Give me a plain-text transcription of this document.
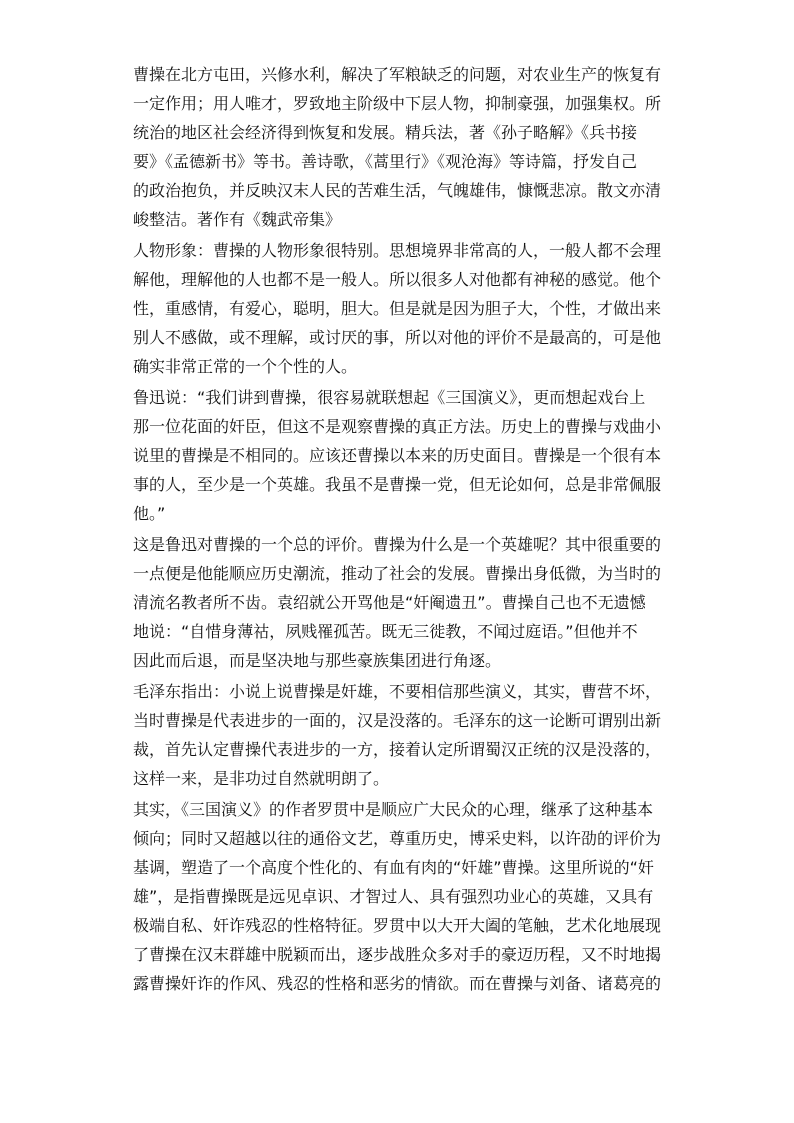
曹操在北方屯田，兴修水利，解决了军粮缺乏的问题，对农业生产的恢复有
一定作用；用人唯才，罗致地主阶级中下层人物，抑制豪强，加强集权。所
统治的地区社会经济得到恢复和发展。精兵法，著《孙子略解》《兵书接
要》《孟德新书》等书。善诗歌，《蒿里行》《观沧海》等诗篇，抒发自己
的政治抱负，并反映汉末人民的苦难生活，气魄雄伟，慷慨悲凉。散文亦清
峻整洁。著作有《魏武帝集》
人物形象：曹操的人物形象很特别。思想境界非常高的人，一般人都不会理
解他，理解他的人也都不是一般人。所以很多人对他都有神秘的感觉。他个
性，重感情，有爱心，聪明，胆大。但是就是因为胆子大，个性，才做出来
别人不感做，或不理解，或讨厌的事，所以对他的评价不是最高的，可是他
确实非常正常的一个个性的人。
鲁迅说：“我们讲到曹操，很容易就联想起《三国演义》，更而想起戏台上
那一位花面的奸臣，但这不是观察曹操的真正方法。历史上的曹操与戏曲小
说里的曹操是不相同的。应该还曹操以本来的历史面目。曹操是一个很有本
事的人，至少是一个英雄。我虽不是曹操一党，但无论如何，总是非常佩服
他。”
这是鲁迅对曹操的一个总的评价。曹操为什么是一个英雄呢？其中很重要的
一点便是他能顺应历史潮流，推动了社会的发展。曹操出身低微，为当时的
清流名教者所不齿。袁绍就公开骂他是“奸阉遗丑”。曹操自己也不无遗憾
地说：“自惜身薄祜，夙贱罹孤苦。既无三徙教，不闻过庭语。”但他并不
因此而后退，而是坚决地与那些豪族集团进行角逐。
毛泽东指出：小说上说曹操是奸雄，不要相信那些演义，其实，曹营不坏，
当时曹操是代表进步的一面的，汉是没落的。毛泽东的这一论断可谓别出新
裁，首先认定曹操代表进步的一方，接着认定所谓蜀汉正统的汉是没落的，
这样一来，是非功过自然就明朗了。
其实，《三国演义》的作者罗贯中是顺应广大民众的心理，继承了这种基本
倾向；同时又超越以往的通俗文艺，尊重历史，博采史料，以许劭的评价为
基调，塑造了一个高度个性化的、有血有肉的“奸雄”曹操。这里所说的“奸
雄”，是指曹操既是远见卓识、才智过人、具有强烈功业心的英雄，又具有
极端自私、奸诈残忍的性格特征。罗贯中以大开大阖的笔触，艺术化地展现
了曹操在汉末群雄中脱颖而出，逐步战胜众多对手的豪迈历程，又不时地揭
露曹操奸诈的作风、残忍的性格和恶劣的情欲。而在曹操与刘备、诸葛亮的
